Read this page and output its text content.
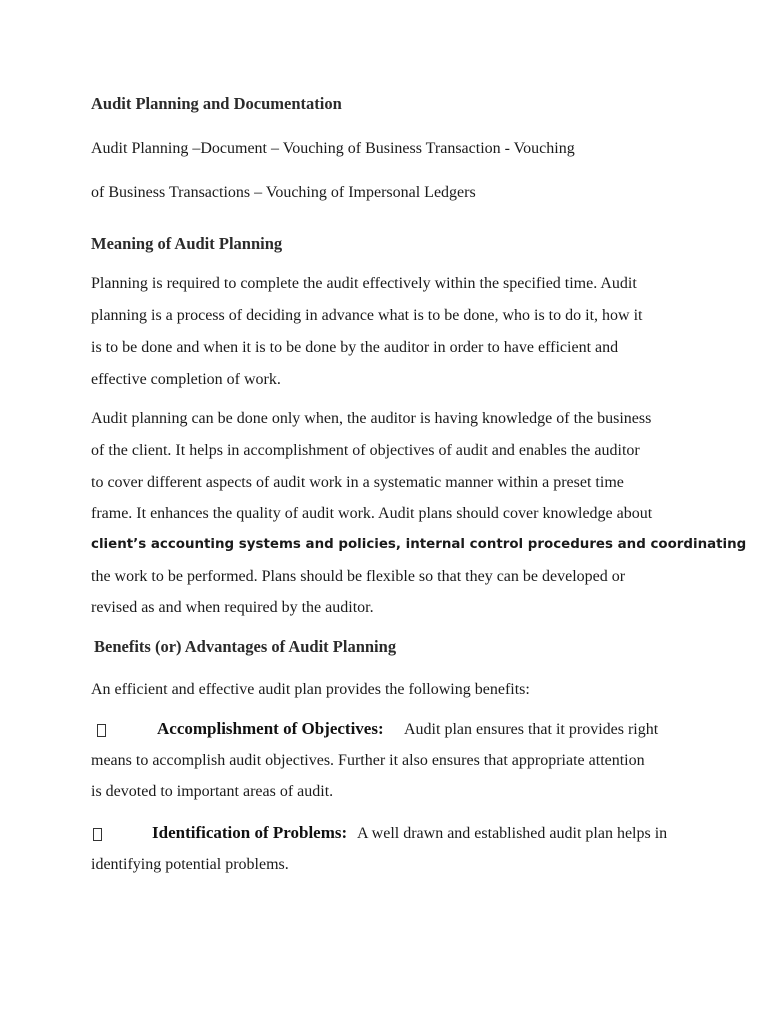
Audit Planning and Documentation
Audit Planning –Document – Vouching of Business Transaction - Vouching
of Business Transactions – Vouching of Impersonal Ledgers
Meaning of Audit Planning
Planning is required to complete the audit effectively within the specified time. Audit
planning is a process of deciding in advance what is to be done, who is to do it, how it
is to be done and when it is to be done by the auditor in order to have efficient and
effective completion of work.
Audit planning can be done only when, the auditor is having knowledge of the business
of the client. It helps in accomplishment of objectives of audit and enables the auditor
to cover different aspects of audit work in a systematic manner within a preset time
frame. It enhances the quality of audit work. Audit plans should cover knowledge about
client’s accounting systems and policies, internal control procedures and coordinating
the work to be performed. Plans should be flexible so that they can be developed or
revised as and when required by the auditor.
Benefits (or) Advantages of Audit Planning
An efficient and effective audit plan provides the following benefits:
Accomplishment of Objectives: Audit plan ensures that it provides right
means to accomplish audit objectives. Further it also ensures that appropriate attention
is devoted to important areas of audit.
Identification of Problems: A well drawn and established audit plan helps in
identifying potential problems.
